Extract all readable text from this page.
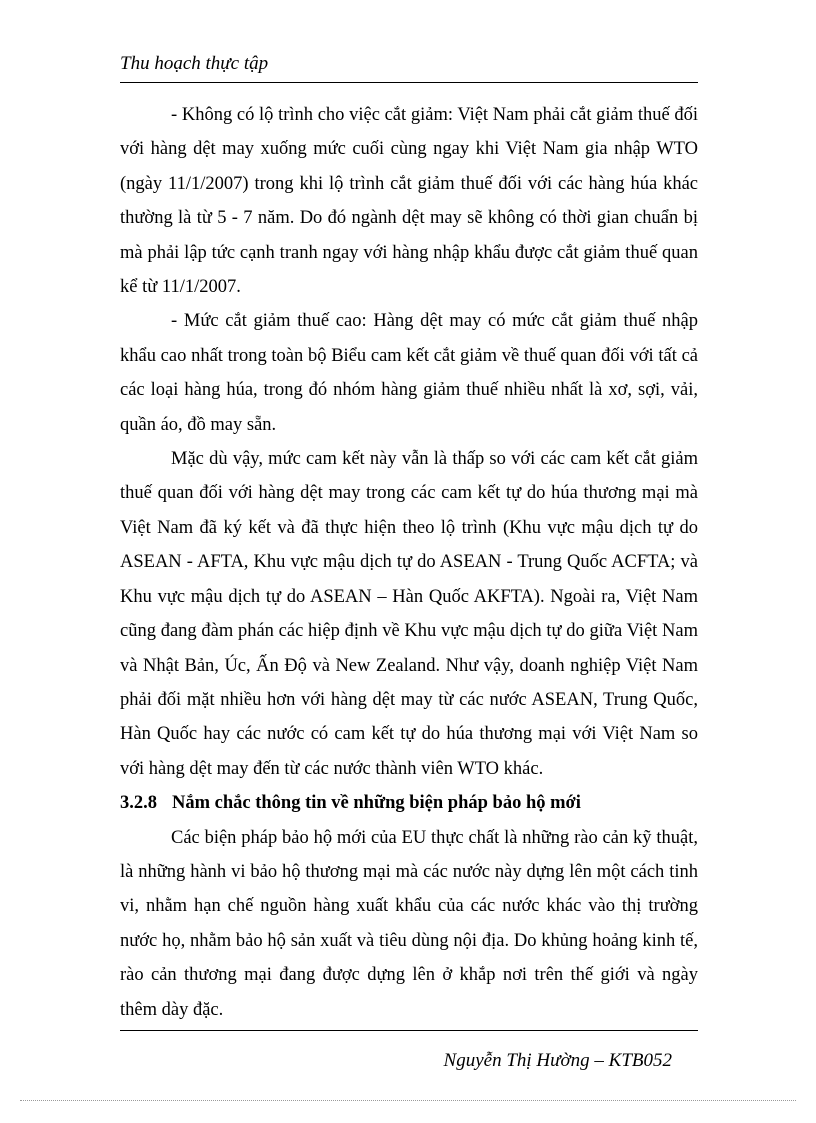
Thu hoạch thực tập

- Không có lộ trình cho việc cắt giảm: Việt Nam phải cắt giảm thuế đối với hàng dệt may xuống mức cuối cùng ngay khi Việt Nam gia nhập WTO (ngày 11/1/2007) trong khi lộ trình cắt giảm thuế đối với các hàng húa khác thường là từ 5 - 7 năm. Do đó ngành dệt may sẽ không có thời gian chuẩn bị mà phải lập tức cạnh tranh ngay với hàng nhập khẩu được cắt giảm thuế quan kể từ 11/1/2007.

- Mức cắt giảm thuế cao: Hàng dệt may có mức cắt giảm thuế nhập khẩu cao nhất trong toàn bộ Biểu cam kết cắt giảm về thuế quan đối với tất cả các loại hàng húa, trong đó nhóm hàng giảm thuế nhiều nhất là xơ, sợi, vải, quần áo, đồ may sẵn.

Mặc dù vậy, mức cam kết này vẫn là thấp so với các cam kết cắt giảm thuế quan đối với hàng dệt may trong các cam kết tự do húa thương mại mà Việt Nam đã ký kết và đã thực hiện theo lộ trình (Khu vực mậu dịch tự do ASEAN - AFTA, Khu vực mậu dịch tự do ASEAN - Trung Quốc ACFTA; và Khu vực mậu dịch tự do ASEAN – Hàn Quốc AKFTA). Ngoài ra, Việt Nam cũng đang đàm phán các hiệp định về Khu vực mậu dịch tự do giữa Việt Nam và Nhật Bản, Úc, Ấn Độ và New Zealand. Như vậy, doanh nghiệp Việt Nam phải đối mặt nhiều hơn với hàng dệt may từ các nước ASEAN, Trung Quốc, Hàn Quốc hay các nước có cam kết tự do húa thương mại với Việt Nam so với hàng dệt may đến từ các nước thành viên WTO khác.

3.2.8 Nắm chắc thông tin về những biện pháp bảo hộ mới

Các biện pháp bảo hộ mới của EU thực chất là những rào cản kỹ thuật, là những hành vi bảo hộ thương mại mà các nước này dựng lên một cách tinh vi, nhằm hạn chế nguồn hàng xuất khẩu của các nước khác vào thị trường nước họ, nhằm bảo hộ sản xuất và tiêu dùng nội địa. Do khủng hoảng kinh tế, rào cản thương mại đang được dựng lên ở khắp nơi trên thế giới và ngày thêm dày đặc.

Nguyễn Thị Hường – KTB052
